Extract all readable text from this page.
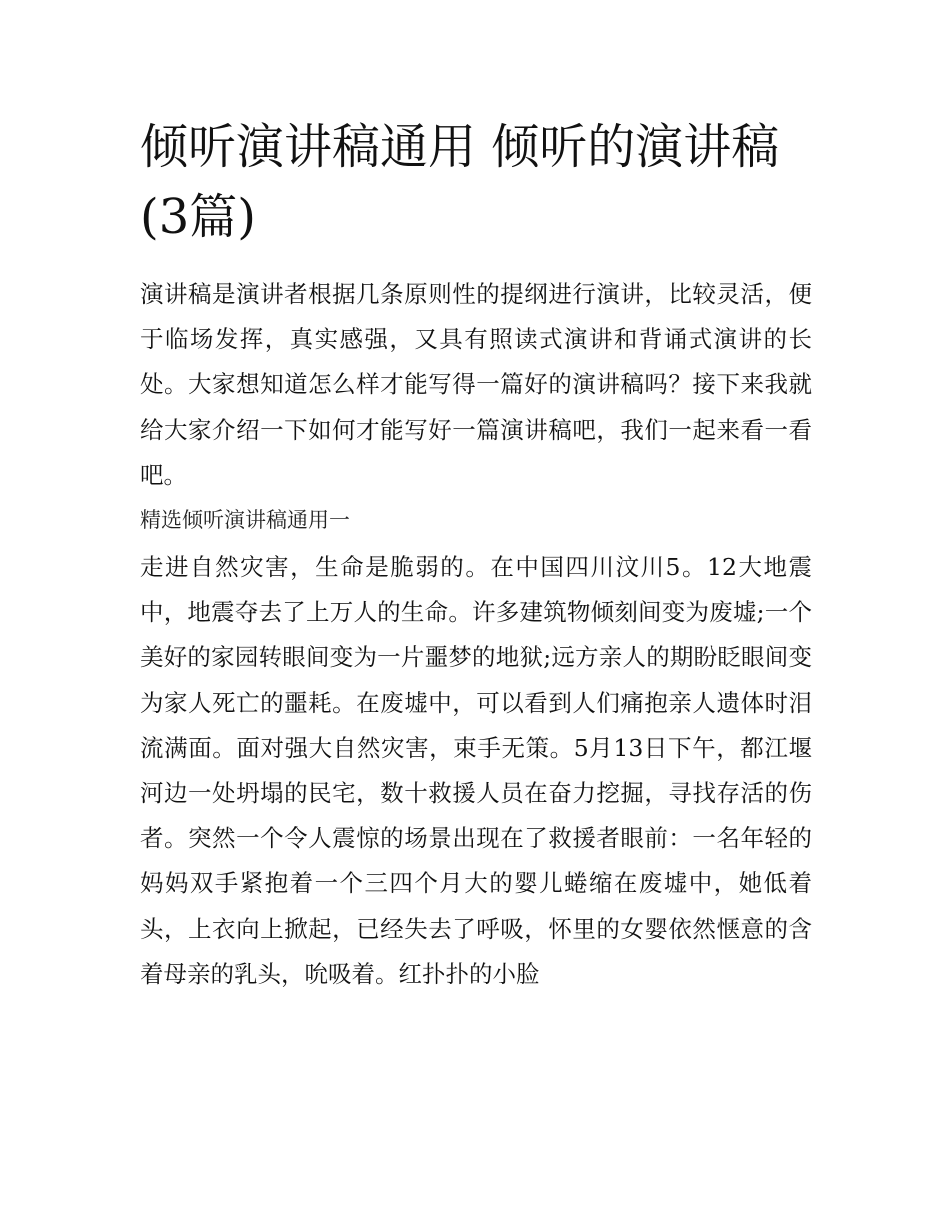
倾听演讲稿通用 倾听的演讲稿(3篇)

演讲稿是演讲者根据几条原则性的提纲进行演讲，比较灵活，便于临场发挥，真实感强，又具有照读式演讲和背诵式演讲的长处。大家想知道怎么样才能写得一篇好的演讲稿吗？接下来我就给大家介绍一下如何才能写好一篇演讲稿吧，我们一起来看一看吧。

精选倾听演讲稿通用一

走进自然灾害，生命是脆弱的。在中国四川汶川5。12大地震中，地震夺去了上万人的生命。许多建筑物倾刻间变为废墟;一个美好的家园转眼间变为一片噩梦的地狱;远方亲人的期盼眨眼间变为家人死亡的噩耗。在废墟中，可以看到人们痛抱亲人遗体时泪流满面。面对强大自然灾害，束手无策。5月13日下午，都江堰河边一处坍塌的民宅，数十救援人员在奋力挖掘，寻找存活的伤者。突然一个令人震惊的场景出现在了救援者眼前：一名年轻的妈妈双手紧抱着一个三四个月大的婴儿蜷缩在废墟中，她低着头，上衣向上掀起，已经失去了呼吸，怀里的女婴依然惬意的含着母亲的乳头，吮吸着。红扑扑的小脸
